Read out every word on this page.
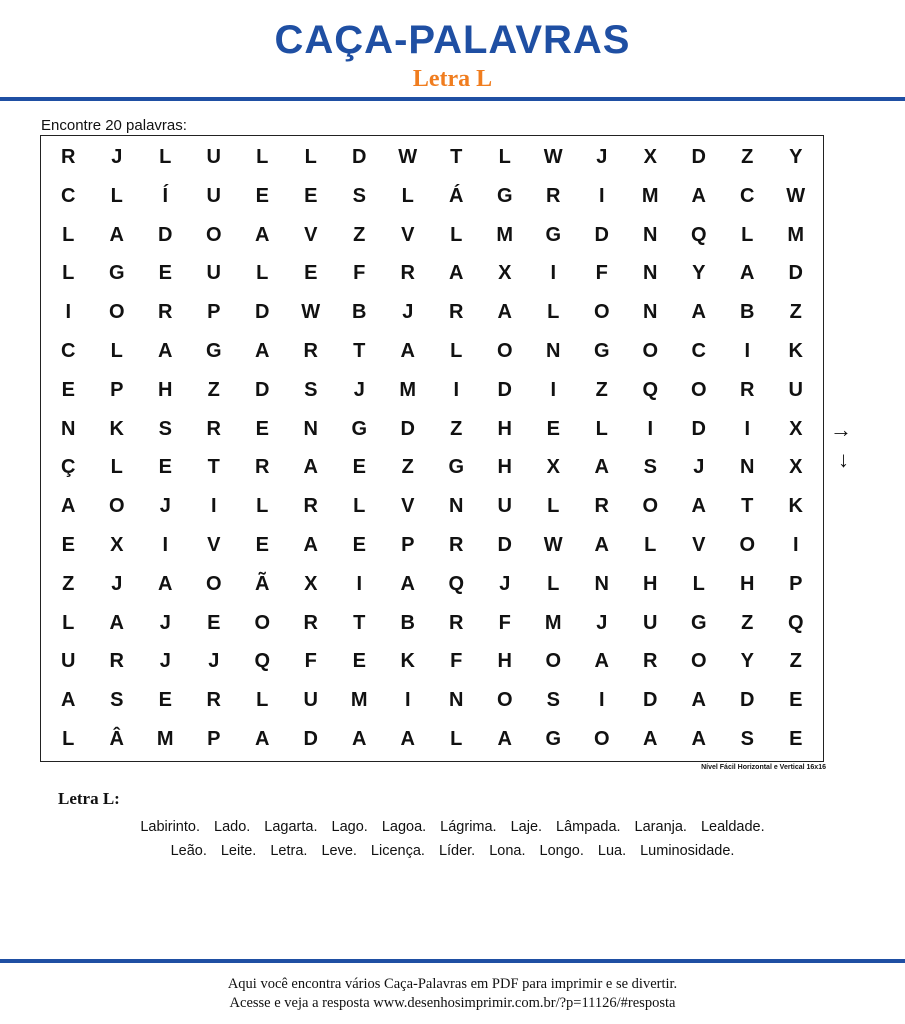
CAÇA-PALAVRAS
Letra L
Encontre 20 palavras:
R	J	L	U	L	L	D	W	T	L	W	J	X	D	Z	Y
C	L	Í	U	E	E	S	L	Á	G	R	I	M	A	C	W
L	A	D	O	A	V	Z	V	L	M	G	D	N	Q	L	M
L	G	E	U	L	E	F	R	A	X	I	F	N	Y	A	D
I	O	R	P	D	W	B	J	R	A	L	O	N	A	B	Z
C	L	A	G	A	R	T	A	L	O	N	G	O	C	I	K
E	P	H	Z	D	S	J	M	I	D	I	Z	Q	O	R	U
N	K	S	R	E	N	G	D	Z	H	E	L	I	D	I	X
Ç	L	E	T	R	A	E	Z	G	H	X	A	S	J	N	X
A	O	J	I	L	R	L	V	N	U	L	R	O	A	T	K
E	X	I	V	E	A	E	P	R	D	W	A	L	V	O	I
Z	J	A	O	Ã	X	I	A	Q	J	L	N	H	L	H	P
L	A	J	E	O	R	T	B	R	F	M	J	U	G	Z	Q
U	R	J	J	Q	F	E	K	F	H	O	A	R	O	Y	Z
A	S	E	R	L	U	M	I	N	O	S	I	D	A	D	E
L	Â	M	P	A	D	A	A	L	A	G	O	A	A	S	E
Nível Fácil Horizontal e Vertical 16x16
→
↓
Letra L:
Labirinto. Lado. Lagarta. Lago. Lagoa. Lágrima. Laje. Lâmpada. Laranja. Lealdade.
Leão. Leite. Letra. Leve. Licença. Líder. Lona. Longo. Lua. Luminosidade.
Aqui você encontra vários Caça-Palavras em PDF para imprimir e se divertir.
Acesse e veja a resposta www.desenhosimprimir.com.br/?p=11126/#resposta
